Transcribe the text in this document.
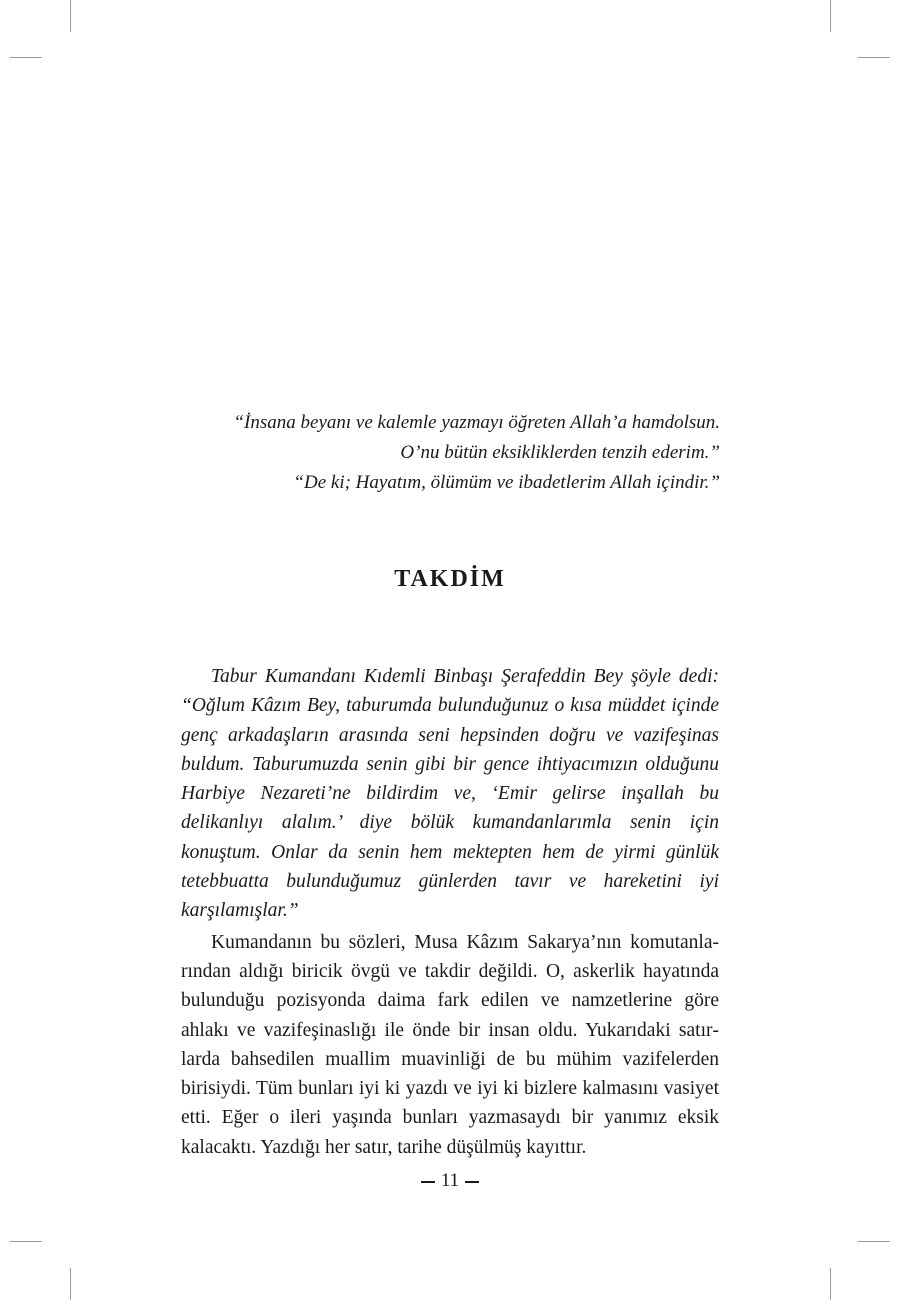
“İnsana beyanı ve kalemle yazmayı öğreten Allah’a hamdolsun.

O’nu bütün eksikliklerden tenzih ederim.”

“De ki; Hayatım, ölümüm ve ibadetlerim Allah içindir.”

TAKDİM

Tabur Kumandanı Kıdemli Binbaşı Şerafeddin Bey şöyle dedi: “Oğlum Kâzım Bey, taburumda bulunduğunuz o kısa müddet içinde genç arkadaşların arasında seni hepsinden doğru ve vazifeşinas buldum. Taburumuzda senin gibi bir gence ihtiyacımızın olduğunu Harbiye Nezareti’ne bildirdim ve, ‘Emir gelirse inşallah bu delikanlıyı alalım.’ diye bölük kumandanlarımla senin için konuştum. Onlar da senin hem mektepten hem de yirmi günlük tetebbuatta bulunduğumuz günlerden tavır ve hareketini iyi karşılamışlar.”

Kumandanın bu sözleri, Musa Kâzım Sakarya’nın komutanlarından aldığı biricik övgü ve takdir değildi. O, askerlik hayatında bulunduğu pozisyonda daima fark edilen ve namzetlerine göre ahlakı ve vazifeşinaslığı ile önde bir insan oldu. Yukarıdaki satırlarda bahsedilen muallim muavinliği de bu mühim vazifelerden birisiydi. Tüm bunları iyi ki yazdı ve iyi ki bizlere kalmasını vasiyet etti. Eğer o ileri yaşında bunları yazmasaydı bir yanımız eksik kalacaktı. Yazdığı her satır, tarihe düşülmüş kayıttır.

11
